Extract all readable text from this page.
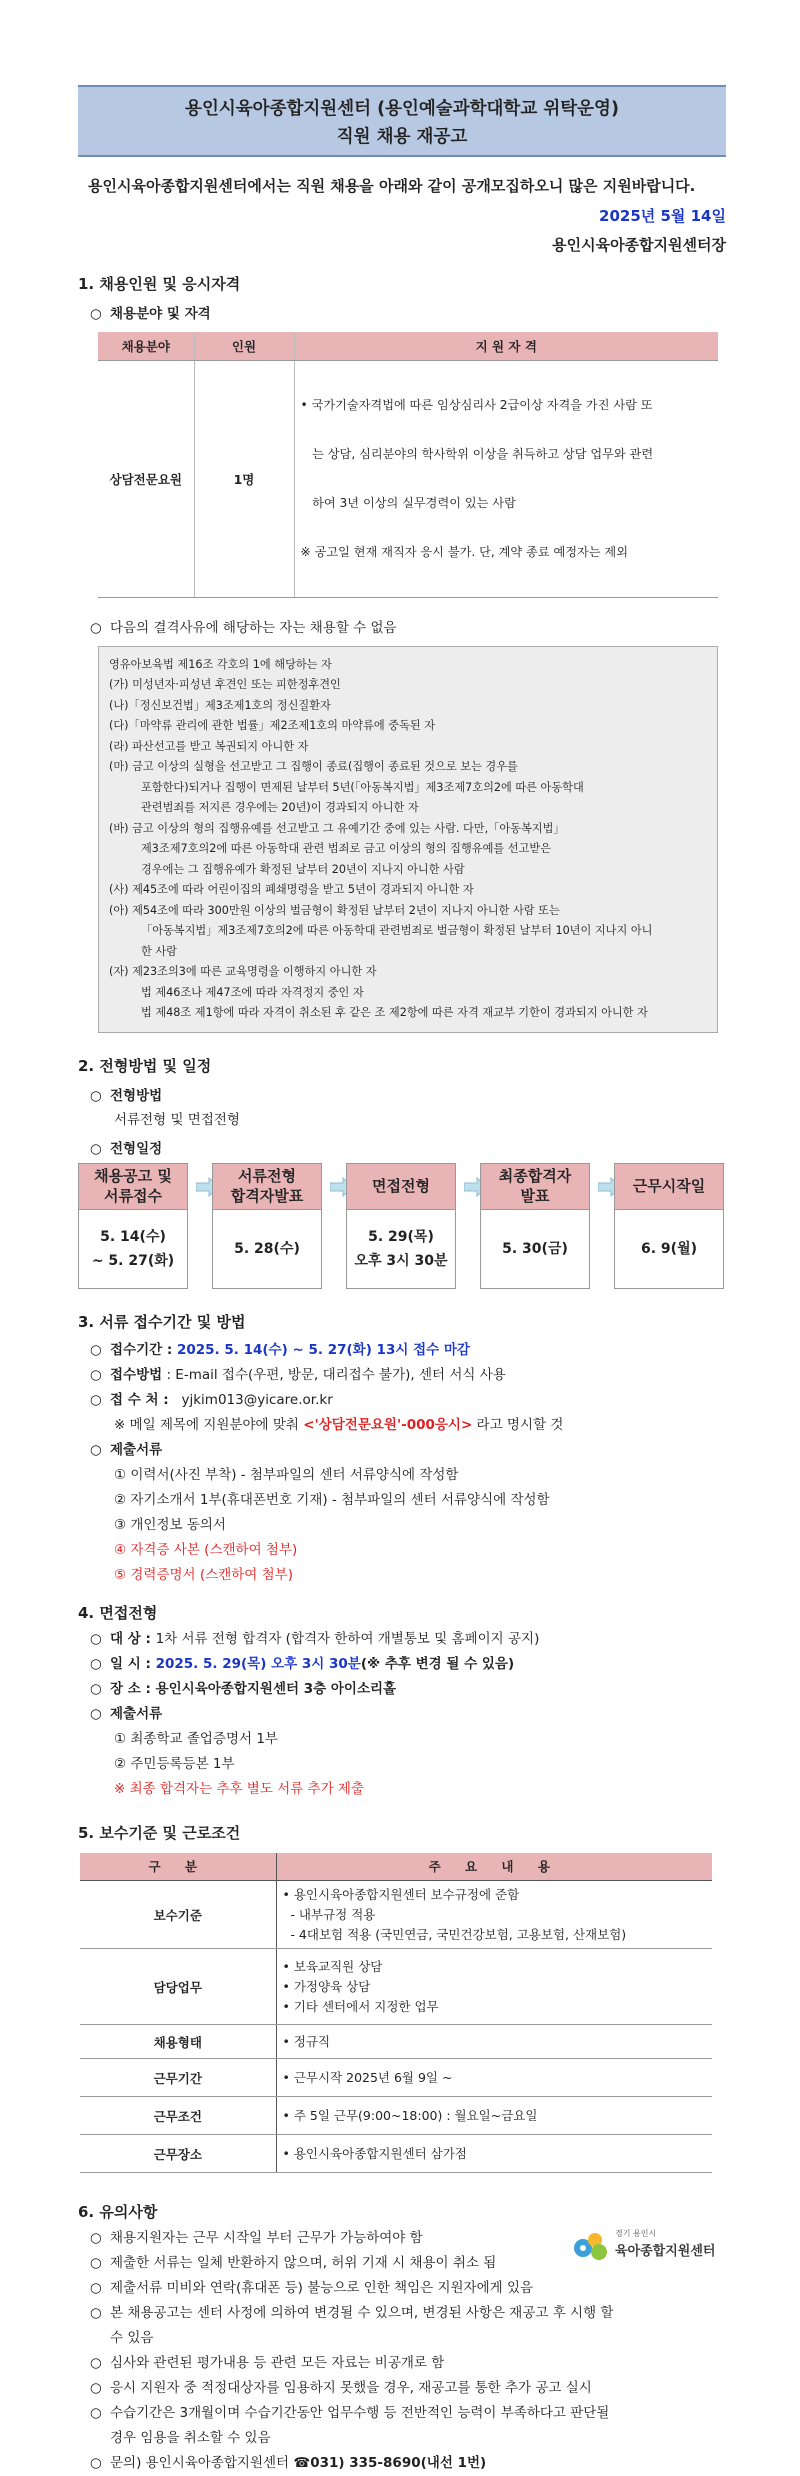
용인시육아종합지원센터 (용인예술과학대학교 위탁운영)
직원 채용 재공고
용인시육아종합지원센터에서는 직원 채용을 아래와 같이 공개모집하오니 많은 지원바랍니다.
2025년 5월 14일
용인시육아종합지원센터장
1. 채용인원 및 응시자격
○ 채용분야 및 자격
채용분야	인원	지 원 자 격
상담전문요원	1명	• 국가기술자격법에 따른 임상심리사 2급이상 자격을 가진 사람 또

는 상담, 심리분야의 학사학위 이상을 취득하고 상담 업무와 관련

하여 3년 이상의 실무경력이 있는 사람

※ 공고일 현재 재직자 응시 불가. 단, 계약 종료 예정자는 제외

○ 다음의 결격사유에 해당하는 자는 채용할 수 없음
영유아보육법 제16조 각호의 1에 해당하는 자
(가) 미성년자·피성년 후견인 또는 피한정후견인
(나)「정신보건법」제3조제1호의 정신질환자
(다)「마약류 관리에 관한 법률」제2조제1호의 마약류에 중독된 자
(라) 파산선고를 받고 복권되지 아니한 자
(마) 금고 이상의 실형을 선고받고 그 집행이 종료(집행이 종료된 것으로 보는 경우를
포함한다)되거나 집행이 면제된 날부터 5년(「아동복지법」제3조제7호의2에 따른 아동학대
관련범죄를 저지른 경우에는 20년)이 경과되지 아니한 자
(바) 금고 이상의 형의 집행유예를 선고받고 그 유예기간 중에 있는 사람. 다만,「아동복지법」
제3조제7호의2에 따른 아동학대 관련 범죄로 금고 이상의 형의 집행유예를 선고받은
경우에는 그 집행유예가 확정된 날부터 20년이 지나지 아니한 사람
(사) 제45조에 따라 어린이집의 폐쇄명령을 받고 5년이 경과되지 아니한 자
(아) 제54조에 따라 300만원 이상의 벌금형이 확정된 날부터 2년이 지나지 아니한 사람 또는
「아동복지법」제3조제7호의2에 따른 아동학대 관련범죄로 벌금형이 확정된 날부터 10년이 지나지 아니
한 사람
(자) 제23조의3에 따른 교육명령을 이행하지 아니한 자
법 제46조나 제47조에 따라 자격정지 중인 자
법 제48조 제1항에 따라 자격이 취소된 후 같은 조 제2항에 따른 자격 재교부 기한이 경과되지 아니한 자
2. 전형방법 및 일정
○ 전형방법
서류전형 및 면접전형
○ 전형일정
채용공고 및
서류접수
5. 14(수)
~ 5. 27(화)
서류전형
합격자발표
5. 28(수)
면접전형
5. 29(목)
오후 3시 30분
최종합격자
발표
5. 30(금)
근무시작일
6. 9(월)
3. 서류 접수기간 및 방법
○ 접수기간 : 2025. 5. 14(수) ~ 5. 27(화) 13시 접수 마감
○ 접수방법 : E-mail 접수(우편, 방문, 대리접수 불가), 센터 서식 사용
○ 접 수 처 : yjkim013@yicare.or.kr
※ 메일 제목에 지원분야에 맞춰 <'상담전문요원'-000응시> 라고 명시할 것
○ 제출서류
① 이력서(사진 부착) - 첨부파일의 센터 서류양식에 작성함
② 자기소개서 1부(휴대폰번호 기재) - 첨부파일의 센터 서류양식에 작성함
③ 개인정보 동의서
④ 자격증 사본 (스캔하여 첨부)
⑤ 경력증명서 (스캔하여 첨부)
4. 면접전형
○ 대 상 : 1차 서류 전형 합격자 (합격자 한하여 개별통보 및 홈페이지 공지)
○ 일 시 : 2025. 5. 29(목) 오후 3시 30분(※ 추후 변경 될 수 있음)
○ 장 소 : 용인시육아종합지원센터 3층 아이소리홀
○ 제출서류
① 최종학교 졸업증명서 1부
② 주민등록등본 1부
※ 최종 합격자는 추후 별도 서류 추가 제출
5. 보수기준 및 근로조건
구 분	주 요 내 용
보수기준	• 용인시육아종합지원센터 보수규정에 준함
- 내부규정 적용
- 4대보험 적용 (국민연금, 국민건강보험, 고용보험, 산재보험)

담당업무	• 보육교직원 상담
• 가정양육 상담
• 기타 센터에서 지정한 업무

채용형태	• 정규직
근무기간	• 근무시작 2025년 6월 9일 ~
근무조건	• 주 5일 근무(9:00~18:00) : 월요일~금요일
근무장소	• 용인시육아종합지원센터 삼가점
6. 유의사항
○ 채용지원자는 근무 시작일 부터 근무가 가능하여야 함
○ 제출한 서류는 일체 반환하지 않으며, 허위 기재 시 채용이 취소 됨
○ 제출서류 미비와 연락(휴대폰 등) 불능으로 인한 책임은 지원자에게 있음
○ 본 채용공고는 센터 사정에 의하여 변경될 수 있으며, 변경된 사항은 재공고 후 시행 할
수 있음
○ 심사와 관련된 평가내용 등 관련 모든 자료는 비공개로 함
○ 응시 지원자 중 적정대상자를 임용하지 못했을 경우, 재공고를 통한 추가 공고 실시
○ 수습기간은 3개월이며 수습기간동안 업무수행 등 전반적인 능력이 부족하다고 판단될
경우 임용을 취소할 수 있음
○ 문의) 용인시육아종합지원센터 ☎031) 335-8690(내선 1번)
경기 용인시
육아종합지원센터
